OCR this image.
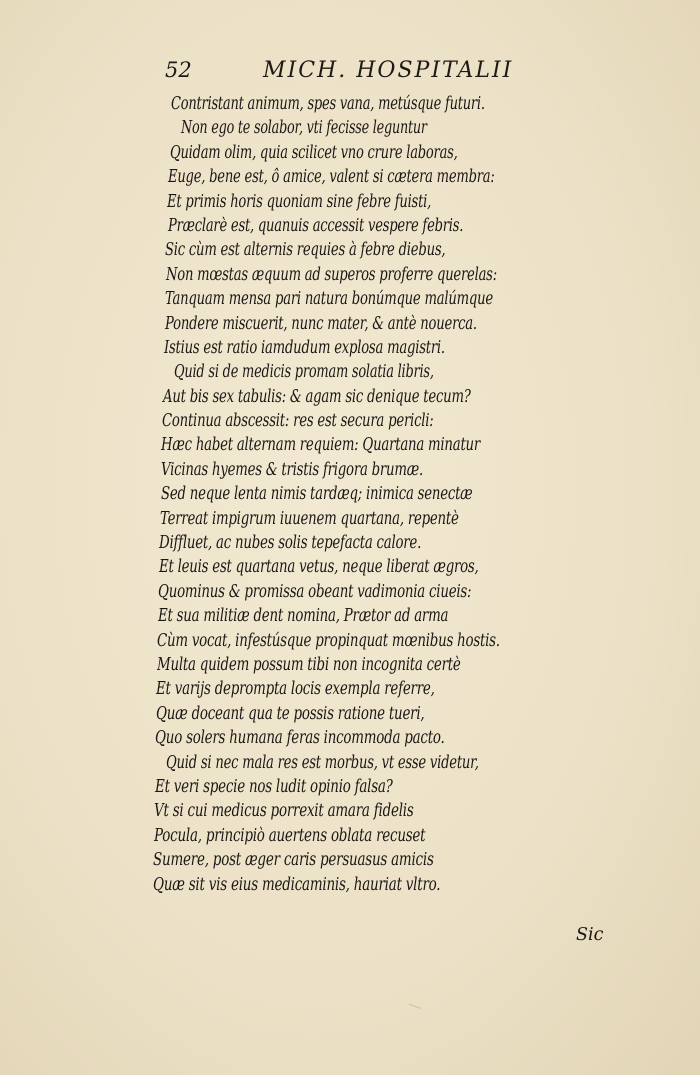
52	MICH. HOSPITALII
Contristant animum, spes vana, metúsque futuri.
Non ego te solabor, vti fecisse leguntur
Quidam olim, quia scilicet vno crure laboras,
Euge, bene est, ô amice, valent si cætera membra:
Et primis horis quoniam sine febre fuisti,
Præclarè est, quanuis accessit vespere febris.
Sic cùm est alternis requies à febre diebus,
Non mœstas æquum ad superos proferre querelas:
Tanquam mensa pari natura bonúmque malúmque
Pondere miscuerit, nunc mater, & antè nouerca.
Istius est ratio iamdudum explosa magistri.
Quid si de medicis promam solatia libris,
Aut bis sex tabulis: & agam sic denique tecum?
Continua abscessit: res est secura pericli:
Hæc habet alternam requiem: Quartana minatur
Vicinas hyemes & tristis frigora brumæ.
Sed neque lenta nimis tardæq; inimica senectæ
Terreat impigrum iuuenem quartana, repentè
Diffluet, ac nubes solis tepefacta calore.
Et leuis est quartana vetus, neque liberat ægros,
Quominus & promissa obeant vadimonia ciueis:
Et sua militiæ dent nomina, Prætor ad arma
Cùm vocat, infestúsque propinquat mœnibus hostis.
Multa quidem possum tibi non incognita certè
Et varijs deprompta locis exempla referre,
Quæ doceant qua te possis ratione tueri,
Quo solers humana feras incommoda pacto.
Quid si nec mala res est morbus, vt esse videtur,
Et veri specie nos ludit opinio falsa?
Vt si cui medicus porrexit amara fidelis
Pocula, principiò auertens oblata recuset
Sumere, post æger caris persuasus amicis
Quæ sit vis eius medicaminis, hauriat vltro.
Sic
